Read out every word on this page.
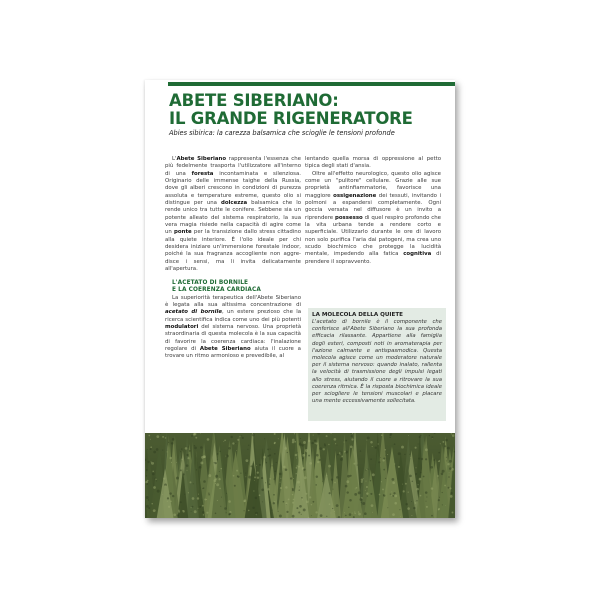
ABETE SIBERIANO:
IL GRANDE RIGENERATORE
Abies sibirica: la carezza balsamica che scioglie le tensioni profonde

L'Abete Siberiano rappresenta l'essenza che più fedelmente trasporta l'utilizzatore all'interno di una foresta incontaminata e silenziosa. Originario delle immense taighe della Russia, dove gli alberi crescono in condizioni di purezza assoluta e temperature estreme, questo olio si distingue per una dolcezza balsamica che lo rende unico tra tutte le conifere. Sebbene sia un potente alleato del sistema respiratorio, la sua vera magia risiede nella capacità di agire come un ponte per la transizione dallo stress cittadino alla quiete interiore. È l'olio ideale per chi desidera iniziare un'immersione forestale indoor, poiché la sua fragranza accogliente non aggredisce i sensi, ma li invita delicatamente all'apertura.

L'ACETATO DI BORNILE
E LA COERENZA CARDIACA

La superiorità terapeutica dell'Abete Siberiano è legata alla sua altissima concentrazione di acetato di bornile, un estere prezioso che la ricerca scientifica indica come uno dei più potenti modulatori del sistema nervoso. Una proprietà straordinaria di questa molecola è la sua capacità di favorire la coerenza cardiaca: l'inalazione regolare di Abete Siberiano aiuta il cuore a trovare un ritmo armonioso e prevedibile, al

lentando quella morsa di oppressione al petto tipica degli stati d'ansia.

Oltre all'effetto neurologico, questo olio agisce come un "pulitore" cellulare. Grazie alle sue proprietà antinfiammatorie, favorisce una maggiore ossigenazione dei tessuti, invitando i polmoni a espandersi completamente. Ogni goccia versata nel diffusore è un invito a riprendere possesso di quel respiro profondo che la vita urbana tende a rendere corto e superficiale. Utilizzarlo durante le ore di lavoro non solo purifica l'aria dai patogeni, ma crea uno scudo biochimico che protegge la lucidità mentale, impedendo alla fatica cognitiva di prendere il sopravvento.

LA MOLECOLA DELLA QUIETE

L'acetato di bornile è il componente che conferisce all'Abete Siberiano la sua profonda efficacia rilassante. Appartiene alla famiglia degli esteri, composti noti in aromaterapia per l'azione calmante e antispasmodica. Questa molecola agisce come un moderatore naturale per il sistema nervoso: quando inalato, rallenta la velocità di trasmissione degli impulsi legati allo stress, aiutando il cuore a ritrovare la sua coerenza ritmica. È la risposta biochimica ideale per sciogliere le tensioni muscolari e placare una mente eccessivamente sollecitata.
